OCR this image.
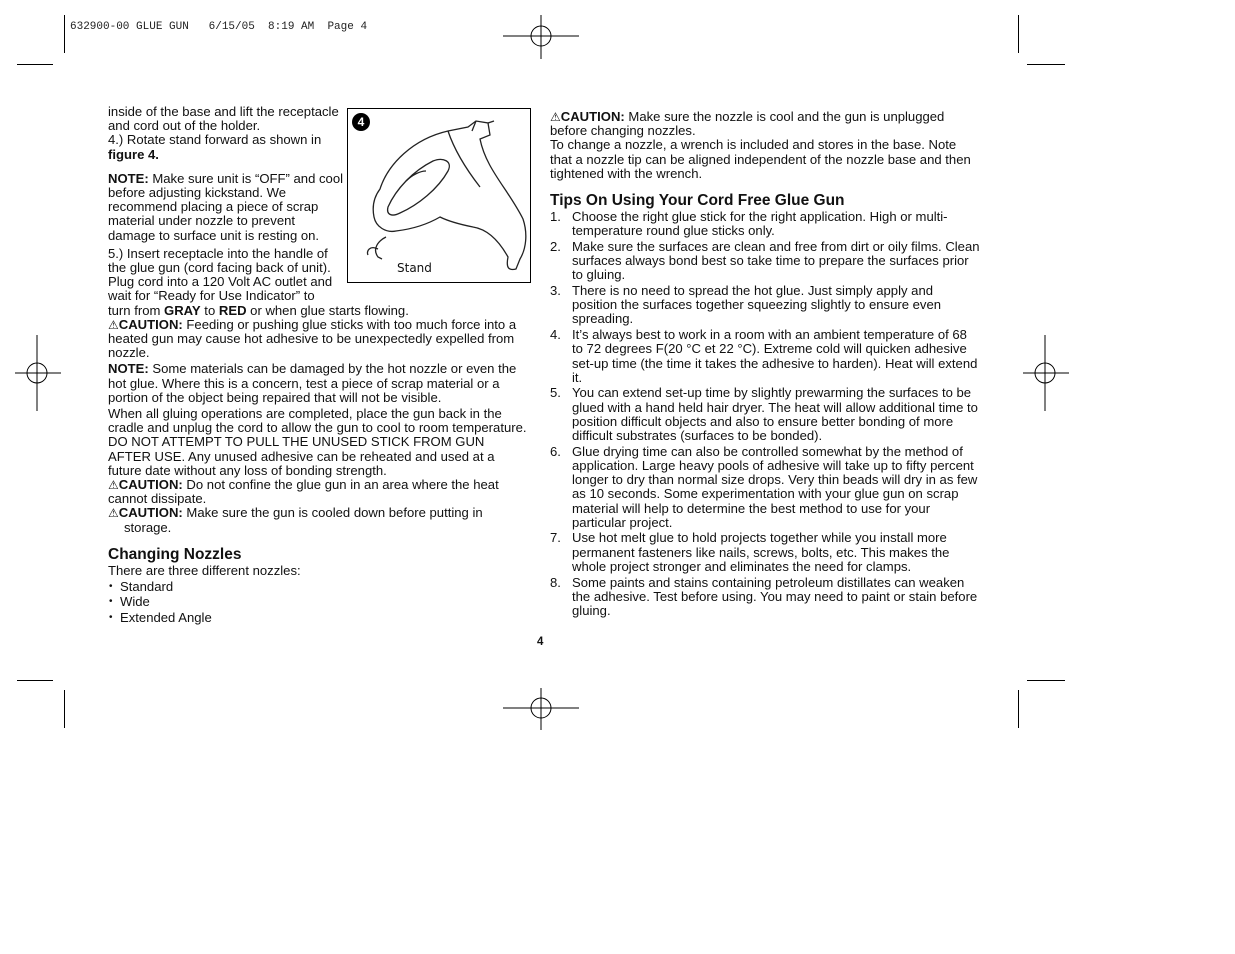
632900-00 GLUE GUN   6/15/05  8:19 AM  Page 4
4
Stand

inside of the base and lift the receptacle and cord out of the holder.

4.) Rotate stand forward as shown in figure 4.

NOTE: Make sure unit is “OFF” and cool before adjusting kickstand. We recommend placing a piece of scrap material under nozzle to prevent damage to surface unit is resting on.

5.) Insert receptacle into the handle of the glue gun (cord facing back of unit). Plug cord into a 120 Volt AC outlet and wait for “Ready for Use Indicator” to

turn from GRAY to RED or when glue starts flowing.

⚠CAUTION: Feeding or pushing glue sticks with too much force into a heated gun may cause hot adhesive to be unexpectedly expelled from nozzle.

NOTE: Some materials can be damaged by the hot nozzle or even the hot glue. Where this is a concern, test a piece of scrap material or a portion of the object being repaired that will not be visible.

When all gluing operations are completed, place the gun back in the cradle and unplug the cord to allow the gun to cool to room temperature. DO NOT ATTEMPT TO PULL THE UNUSED STICK FROM GUN AFTER USE. Any unused adhesive can be reheated and used at a future date without any loss of bonding strength.

⚠CAUTION: Do not confine the glue gun in an area where the heat cannot dissipate.

⚠CAUTION: Make sure the gun is cooled down before putting in

storage.

Changing Nozzles

There are three different nozzles:

• Standard

• Wide

• Extended Angle

⚠CAUTION: Make sure the nozzle is cool and the gun is unplugged before changing nozzles.

To change a nozzle, a wrench is included and stores in the base. Note that a nozzle tip can be aligned independent of the nozzle base and then tightened with the wrench.

Tips On Using Your Cord Free Glue Gun
1. Choose the right glue stick for the right application. High or multi-temperature round glue sticks only.
2. Make sure the surfaces are clean and free from dirt or oily films. Clean surfaces always bond best so take time to prepare the surfaces prior to gluing.
3. There is no need to spread the hot glue. Just simply apply and position the surfaces together squeezing slightly to ensure even spreading.
4. It’s always best to work in a room with an ambient temperature of 68 to 72 degrees F(20 °C et 22 °C). Extreme cold will quicken adhesive set-up time (the time it takes the adhesive to harden). Heat will extend it.
5. You can extend set-up time by slightly prewarming the surfaces to be glued with a hand held hair dryer. The heat will allow additional time to position difficult objects and also to ensure better bonding of more difficult substrates (surfaces to be bonded).
6. Glue drying time can also be controlled somewhat by the method of application. Large heavy pools of adhesive will take up to fifty percent longer to dry than normal size drops. Very thin beads will dry in as few as 10 seconds. Some experimentation with your glue gun on scrap material will help to determine the best method to use for your particular project.
7. Use hot melt glue to hold projects together while you install more permanent fasteners like nails, screws, bolts, etc. This makes the whole project stronger and eliminates the need for clamps.
8. Some paints and stains containing petroleum distillates can weaken the adhesive. Test before using. You may need to paint or stain before gluing.
4
